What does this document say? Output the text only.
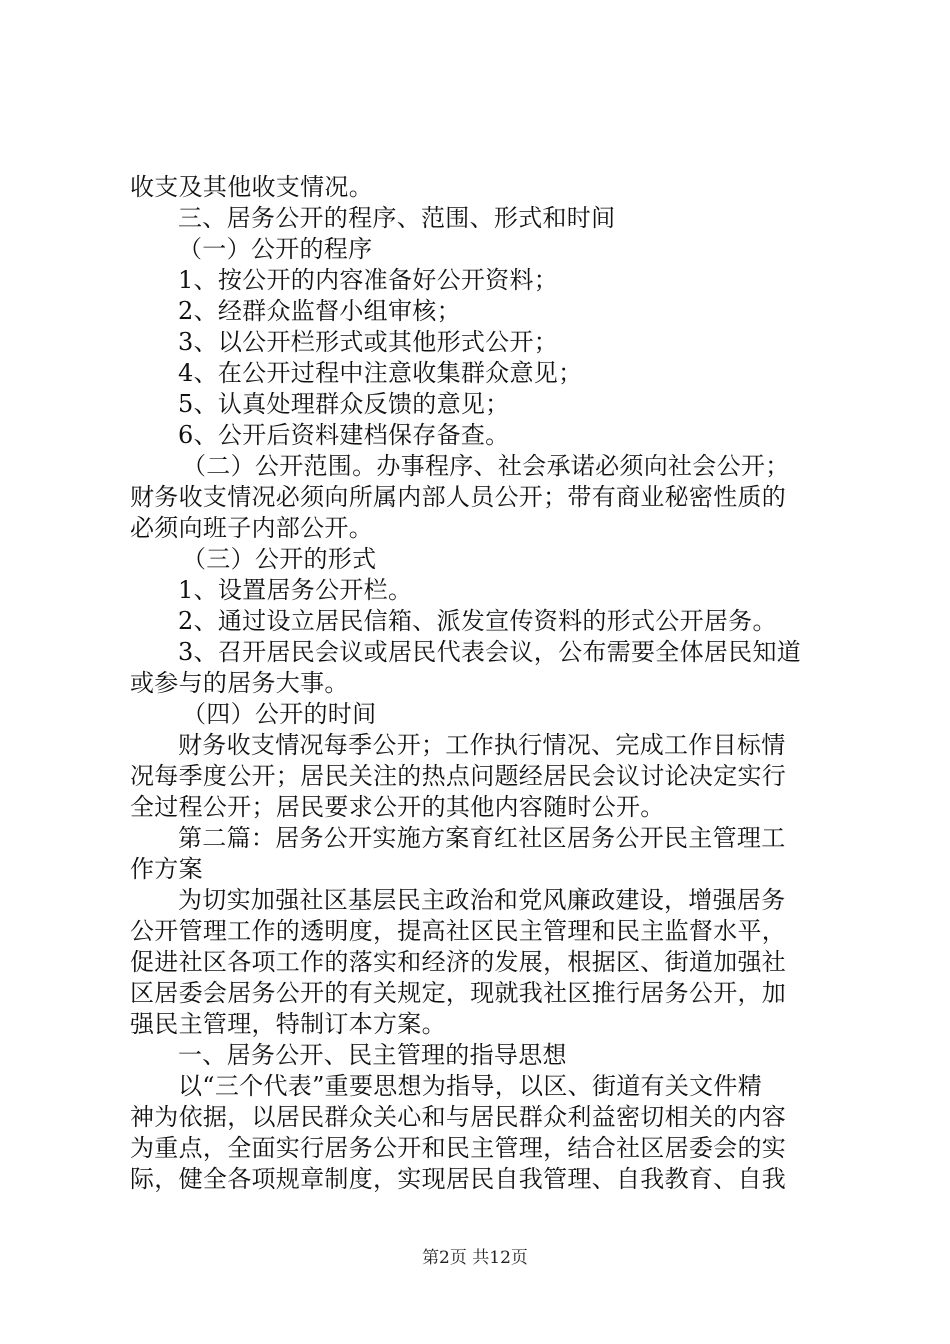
收支及其他收支情况。
三、居务公开的程序、范围、形式和时间
（一）公开的程序
1、按公开的内容准备好公开资料；
2、经群众监督小组审核；
3、以公开栏形式或其他形式公开；
4、在公开过程中注意收集群众意见；
5、认真处理群众反馈的意见；
6、公开后资料建档保存备查。
（二）公开范围。办事程序、社会承诺必须向社会公开；
财务收支情况必须向所属内部人员公开；带有商业秘密性质的
必须向班子内部公开。
（三）公开的形式
1、设置居务公开栏。
2、通过设立居民信箱、派发宣传资料的形式公开居务。
3、召开居民会议或居民代表会议，公布需要全体居民知道
或参与的居务大事。
（四）公开的时间
财务收支情况每季公开；工作执行情况、完成工作目标情
况每季度公开；居民关注的热点问题经居民会议讨论决定实行
全过程公开；居民要求公开的其他内容随时公开。
第二篇：居务公开实施方案育红社区居务公开民主管理工
作方案
为切实加强社区基层民主政治和党风廉政建设，增强居务
公开管理工作的透明度，提高社区民主管理和民主监督水平，
促进社区各项工作的落实和经济的发展，根据区、街道加强社
区居委会居务公开的有关规定，现就我社区推行居务公开，加
强民主管理，特制订本方案。
一、居务公开、民主管理的指导思想
以“三个代表”重要思想为指导，以区、街道有关文件精
神为依据，以居民群众关心和与居民群众利益密切相关的内容
为重点，全面实行居务公开和民主管理，结合社区居委会的实
际，健全各项规章制度，实现居民自我管理、自我教育、自我
第2页 共12页
